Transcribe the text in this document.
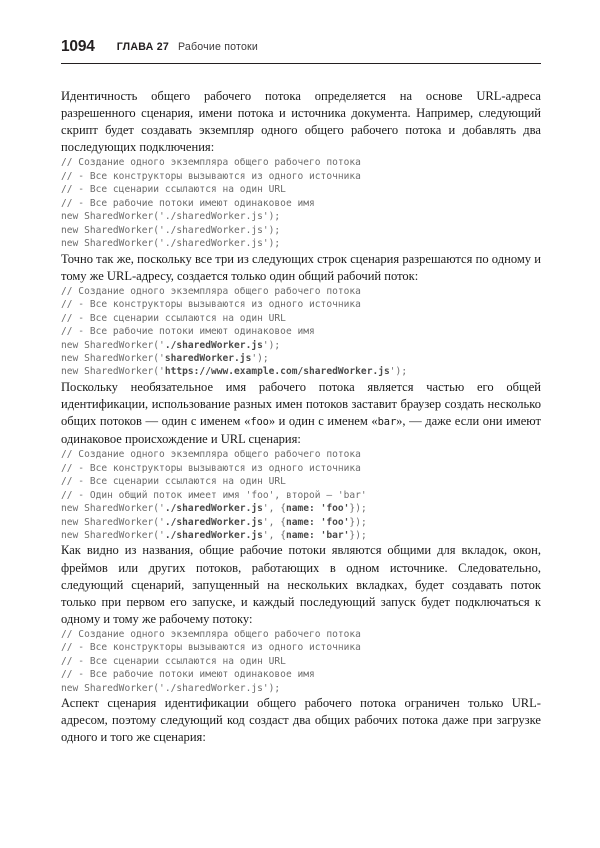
1094 ГЛАВА 27 Рабочие потоки

Идентичность общего рабочего потока определяется на основе URL-адреса разрешенного сценария, имени потока и источника документа. Например, следующий скрипт будет создавать экземпляр одного общего рабочего потока и добавлять два последующих подключения:

// Создание одного экземпляра общего рабочего потока
// - Все конструкторы вызываются из одного источника
// - Все сценарии ссылаются на один URL
// - Все рабочие потоки имеют одинаковое имя
new SharedWorker('./sharedWorker.js');
new SharedWorker('./sharedWorker.js');
new SharedWorker('./sharedWorker.js');

Точно так же, поскольку все три из следующих строк сценария разрешаются по одному и тому же URL-адресу, создается только один общий рабочий поток:

// Создание одного экземпляра общего рабочего потока
// - Все конструкторы вызываются из одного источника
// - Все сценарии ссылаются на один URL
// - Все рабочие потоки имеют одинаковое имя
new SharedWorker('./sharedWorker.js');
new SharedWorker('sharedWorker.js');
new SharedWorker('https://www.example.com/sharedWorker.js');

Поскольку необязательное имя рабочего потока является частью его общей идентификации, использование разных имен потоков заставит браузер создать несколько общих потоков — один с именем «foo» и один с именем «bar», — даже если они имеют одинаковое происхождение и URL сценария:

// Создание одного экземпляра общего рабочего потока
// - Все конструкторы вызываются из одного источника
// - Все сценарии ссылаются на один URL
// - Один общий поток имеет имя 'foo', второй — 'bar'
new SharedWorker('./sharedWorker.js', {name: 'foo'});
new SharedWorker('./sharedWorker.js', {name: 'foo'});
new SharedWorker('./sharedWorker.js', {name: 'bar'});

Как видно из названия, общие рабочие потоки являются общими для вкладок, окон, фреймов или других потоков, работающих в одном источнике. Следовательно, следующий сценарий, запущенный на нескольких вкладках, будет создавать поток только при первом его запуске, и каждый последующий запуск будет подключаться к одному и тому же рабочему потоку:

// Создание одного экземпляра общего рабочего потока
// - Все конструкторы вызываются из одного источника
// - Все сценарии ссылаются на один URL
// - Все рабочие потоки имеют одинаковое имя
new SharedWorker('./sharedWorker.js');

Аспект сценария идентификации общего рабочего потока ограничен только URL-адресом, поэтому следующий код создаст два общих рабочих потока даже при загрузке одного и того же сценария:
